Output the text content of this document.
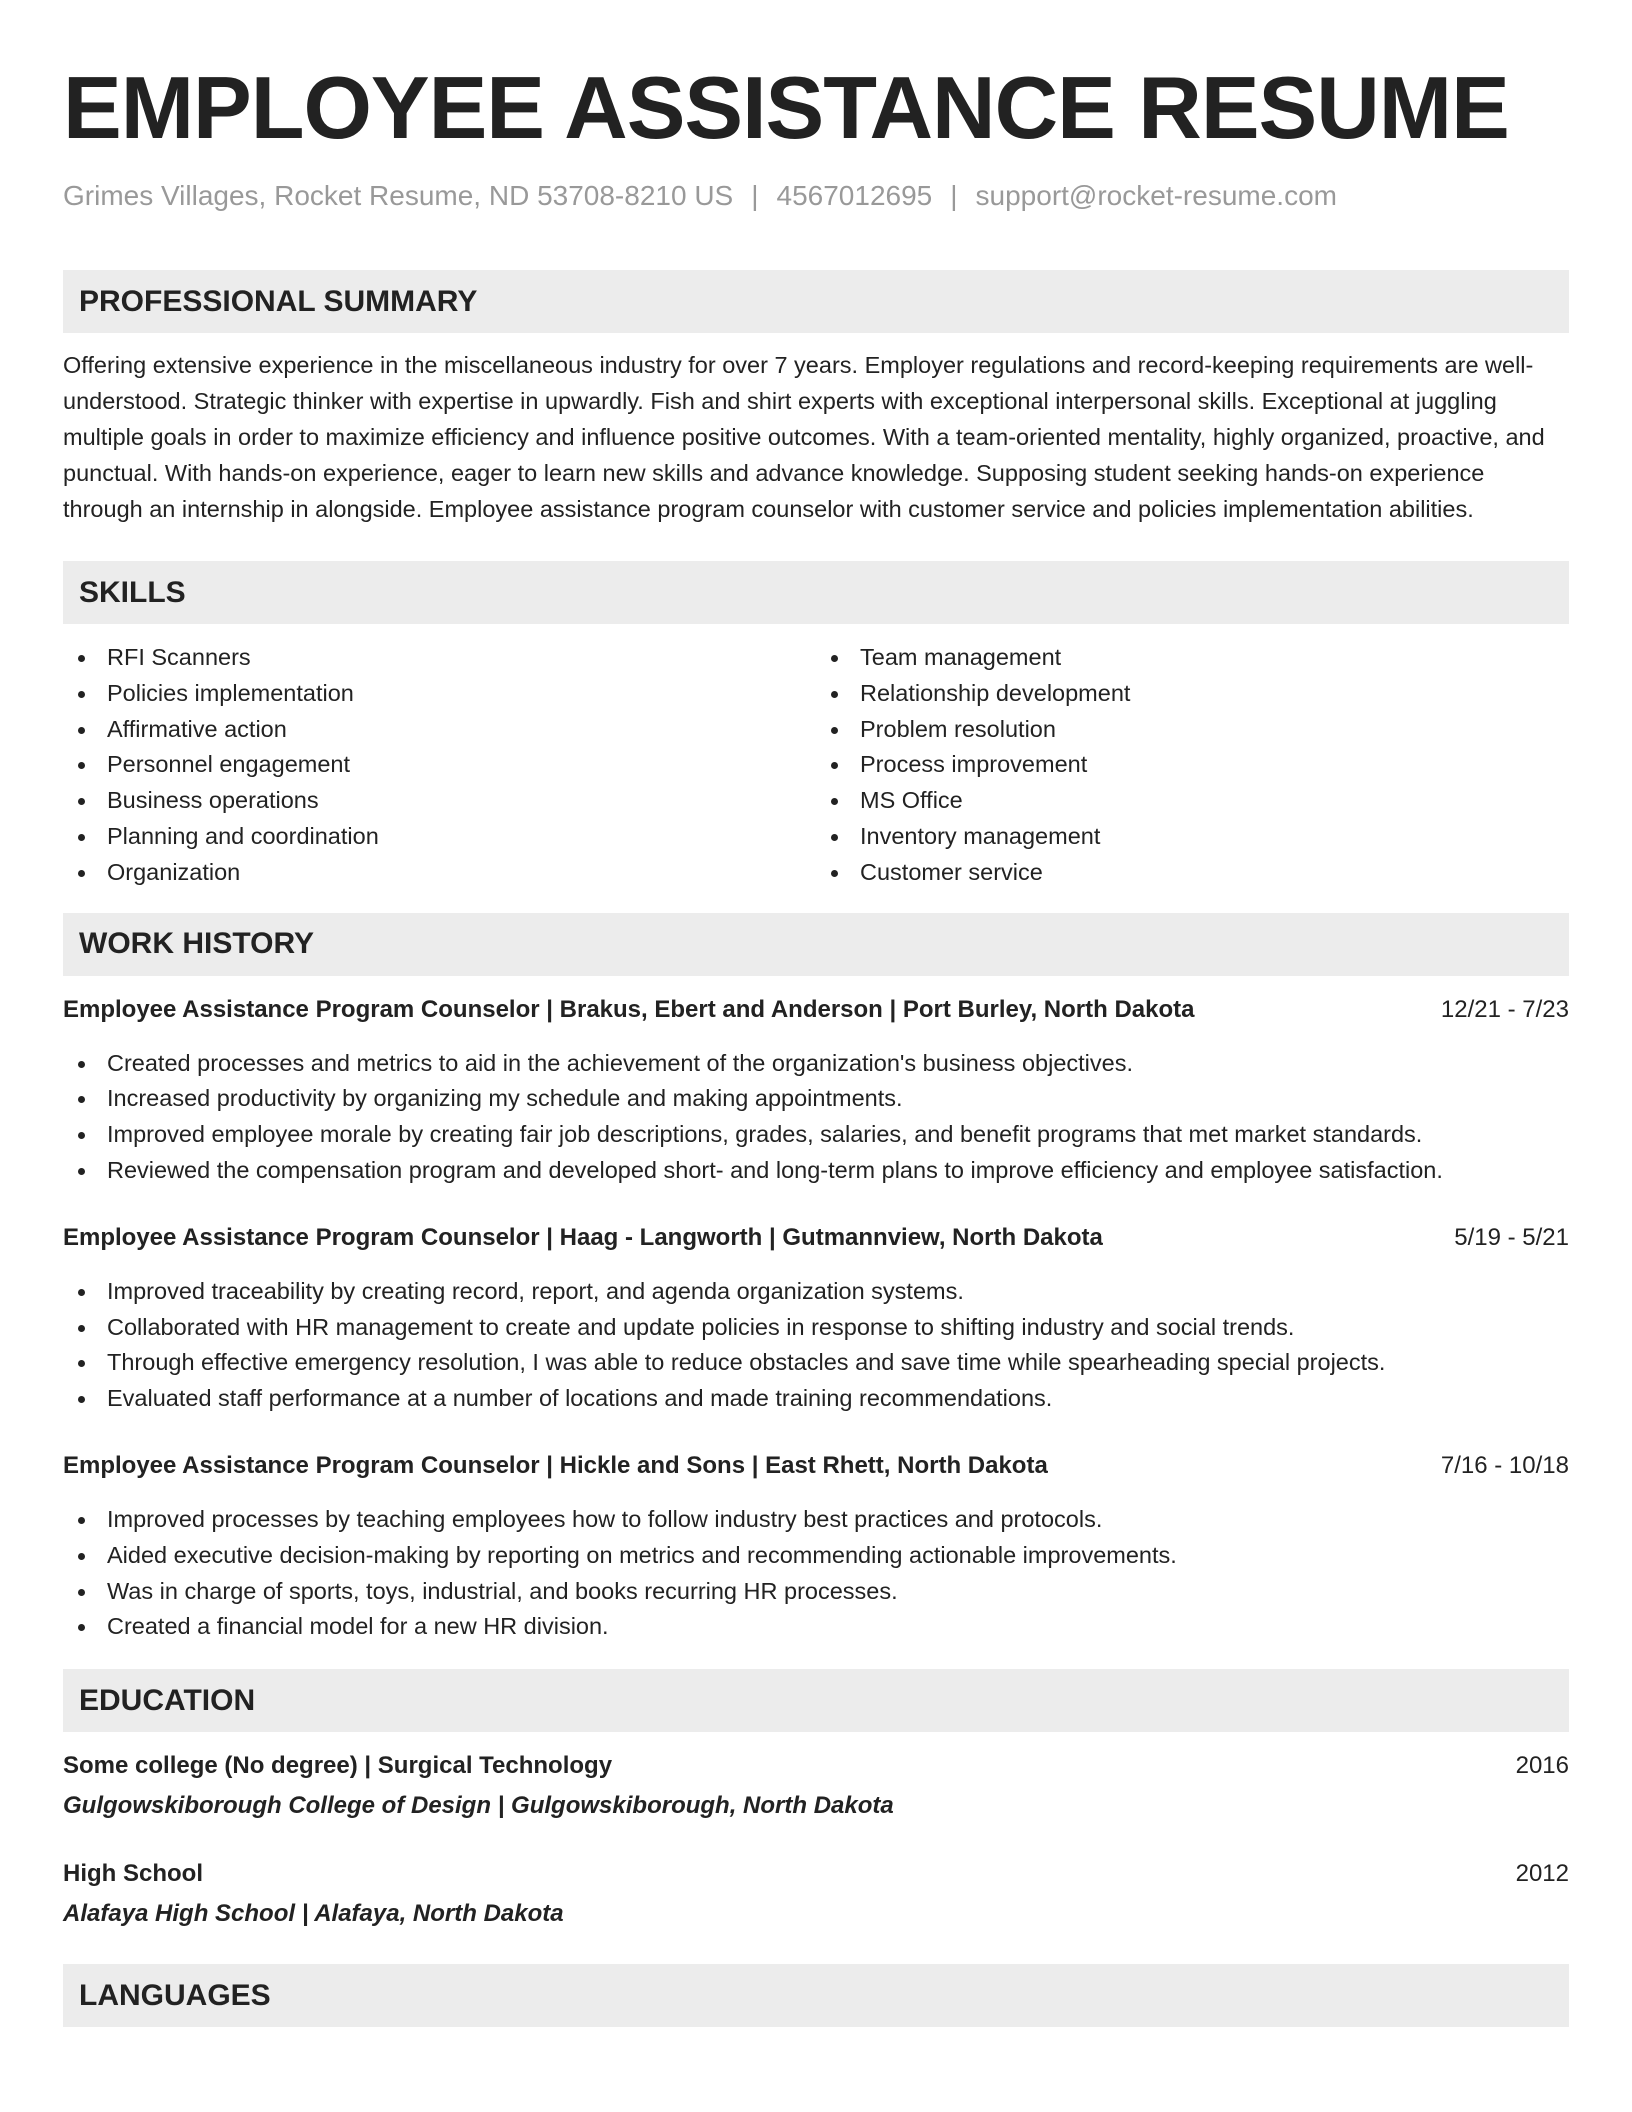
EMPLOYEE ASSISTANCE RESUME
Grimes Villages, Rocket Resume, ND 53708-8210 US | 4567012695 | support@rocket-resume.com
PROFESSIONAL SUMMARY

Offering extensive experience in the miscellaneous industry for over 7 years. Employer regulations and record-keeping requirements are well-understood. Strategic thinker with expertise in upwardly. Fish and shirt experts with exceptional interpersonal skills. Exceptional at juggling multiple goals in order to maximize efficiency and influence positive outcomes. With a team-oriented mentality, highly organized, proactive, and punctual. With hands-on experience, eager to learn new skills and advance knowledge. Supposing student seeking hands-on experience through an internship in alongside. Employee assistance program counselor with customer service and policies implementation abilities.

SKILLS
RFI Scanners
Policies implementation
Affirmative action
Personnel engagement
Business operations
Planning and coordination
Organization
Team management
Relationship development
Problem resolution
Process improvement
MS Office
Inventory management
Customer service
WORK HISTORY
Employee Assistance Program Counselor | Brakus, Ebert and Anderson | Port Burley, North Dakota	12/21 - 7/23
Created processes and metrics to aid in the achievement of the organization's business objectives.
Increased productivity by organizing my schedule and making appointments.
Improved employee morale by creating fair job descriptions, grades, salaries, and benefit programs that met market standards.
Reviewed the compensation program and developed short- and long-term plans to improve efficiency and employee satisfaction.
Employee Assistance Program Counselor | Haag - Langworth | Gutmannview, North Dakota	5/19 - 5/21
Improved traceability by creating record, report, and agenda organization systems.
Collaborated with HR management to create and update policies in response to shifting industry and social trends.
Through effective emergency resolution, I was able to reduce obstacles and save time while spearheading special projects.
Evaluated staff performance at a number of locations and made training recommendations.
Employee Assistance Program Counselor | Hickle and Sons | East Rhett, North Dakota	7/16 - 10/18
Improved processes by teaching employees how to follow industry best practices and protocols.
Aided executive decision-making by reporting on metrics and recommending actionable improvements.
Was in charge of sports, toys, industrial, and books recurring HR processes.
Created a financial model for a new HR division.
EDUCATION
Some college (No degree) | Surgical Technology	2016
Gulgowskiborough College of Design | Gulgowskiborough, North Dakota
High School	2012
Alafaya High School | Alafaya, North Dakota
LANGUAGES
